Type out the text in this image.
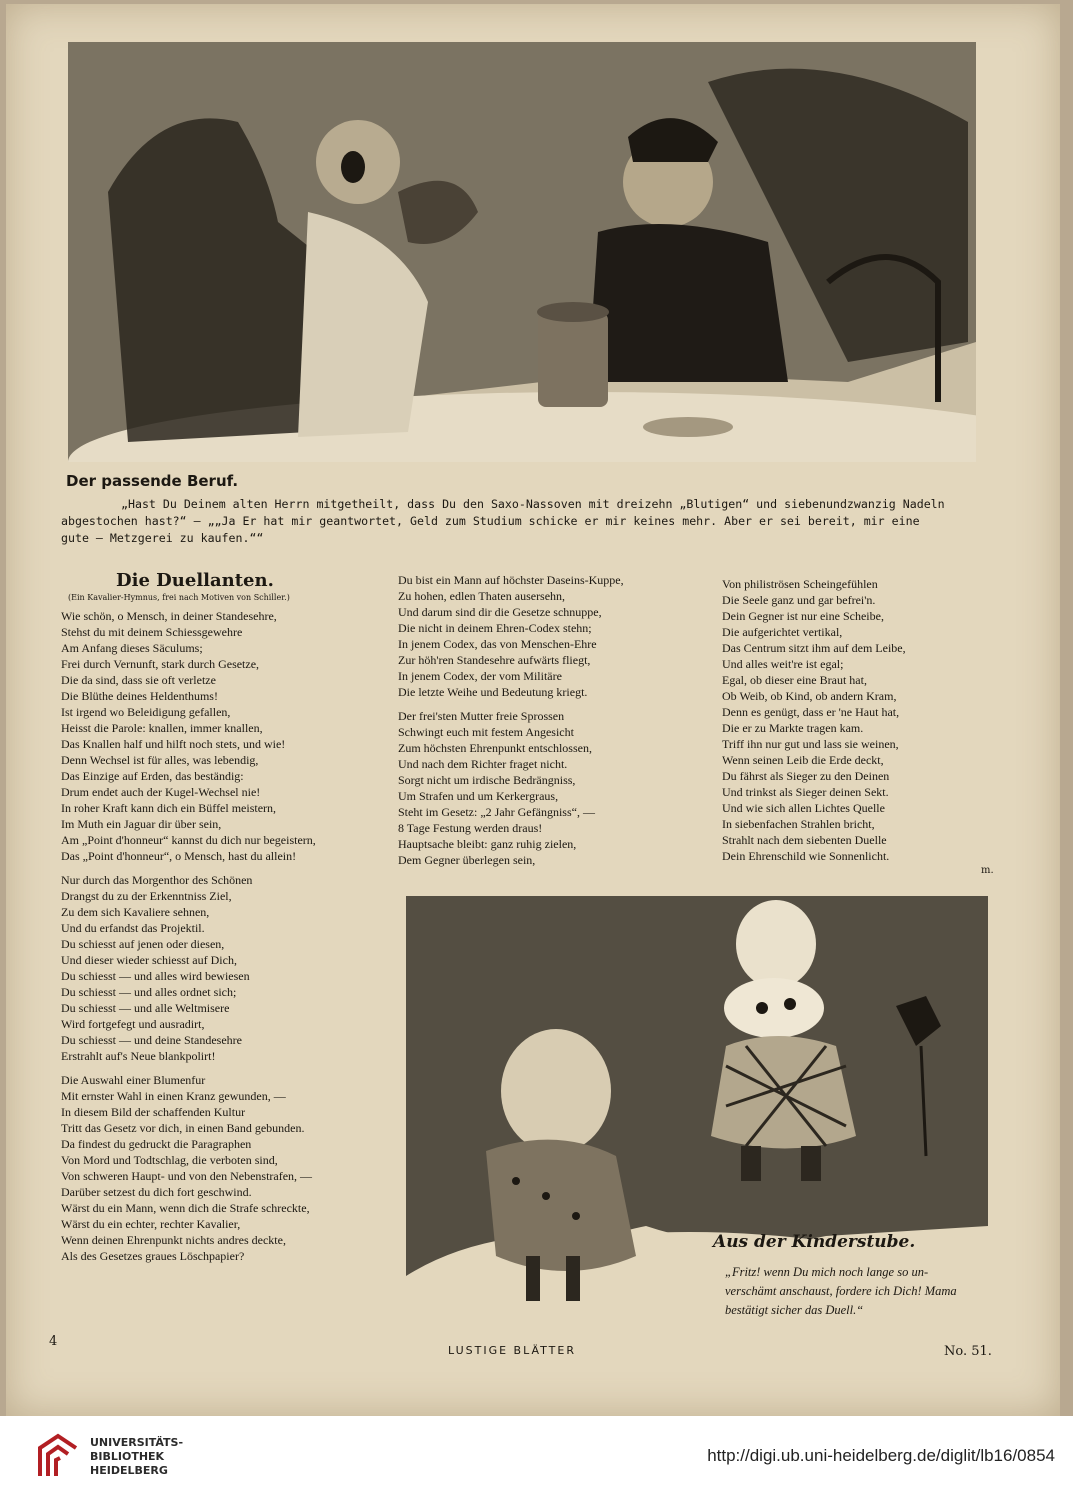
Der passende Beruf.
„Hast Du Deinem alten Herrn mitgetheilt, dass Du den Saxo-Nassoven mit dreizehn „Blutigen“ und siebenundzwanzig Nadeln
abgestochen hast?“ — „„Ja Er hat mir geantwortet, Geld zum Studium schicke er mir keines mehr. Aber er sei bereit, mir eine
gute — Metzgerei zu kaufen.““
Die Duellanten.
(Ein Kavalier-Hymnus, frei nach Motiven von Schiller.)
Wie schön, o Mensch, in deiner Standesehre,
Stehst du mit deinem Schiessgewehre
Am Anfang dieses Säculums;
Frei durch Vernunft, stark durch Gesetze,
Die da sind, dass sie oft verletze
Die Blüthe deines Heldenthums!
Ist irgend wo Beleidigung gefallen,
Heisst die Parole: knallen, immer knallen,
Das Knallen half und hilft noch stets, und wie!
Denn Wechsel ist für alles, was lebendig,
Das Einzige auf Erden, das beständig:
Drum endet auch der Kugel-Wechsel nie!
In roher Kraft kann dich ein Büffel meistern,
Im Muth ein Jaguar dir über sein,
Am „Point d'honneur“ kannst du dich nur begeistern,
Das „Point d'honneur“, o Mensch, hast du allein!
Nur durch das Morgenthor des Schönen
Drangst du zu der Erkenntniss Ziel,
Zu dem sich Kavaliere sehnen,
Und du erfandst das Projektil.
Du schiesst auf jenen oder diesen,
Und dieser wieder schiesst auf Dich,
Du schiesst — und alles wird bewiesen
Du schiesst — und alles ordnet sich;
Du schiesst — und alle Weltmisere
Wird fortgefegt und ausradirt,
Du schiesst — und deine Standesehre
Erstrahlt auf's Neue blankpolirt!
Die Auswahl einer Blumenfur
Mit ernster Wahl in einen Kranz gewunden, —
In diesem Bild der schaffenden Kultur
Tritt das Gesetz vor dich, in einen Band gebunden.
Da findest du gedruckt die Paragraphen
Von Mord und Todtschlag, die verboten sind,
Von schweren Haupt- und von den Nebenstrafen, —
Darüber setzest du dich fort geschwind.
Wärst du ein Mann, wenn dich die Strafe schreckte,
Wärst du ein echter, rechter Kavalier,
Wenn deinen Ehrenpunkt nichts andres deckte,
Als des Gesetzes graues Löschpapier?
Du bist ein Mann auf höchster Daseins-Kuppe,
Zu hohen, edlen Thaten ausersehn,
Und darum sind dir die Gesetze schnuppe,
Die nicht in deinem Ehren-Codex stehn;
In jenem Codex, das von Menschen-Ehre
Zur höh'ren Standesehre aufwärts fliegt,
In jenem Codex, der vom Militäre
Die letzte Weihe und Bedeutung kriegt.
Der frei'sten Mutter freie Sprossen
Schwingt euch mit festem Angesicht
Zum höchsten Ehrenpunkt entschlossen,
Und nach dem Richter fraget nicht.
Sorgt nicht um irdische Bedrängniss,
Um Strafen und um Kerkergraus,
Steht im Gesetz: „2 Jahr Gefängniss“, —
8 Tage Festung werden draus!
Hauptsache bleibt: ganz ruhig zielen,
Dem Gegner überlegen sein,
Von philiströsen Scheingefühlen
Die Seele ganz und gar befrei'n.
Dein Gegner ist nur eine Scheibe,
Die aufgerichtet vertikal,
Das Centrum sitzt ihm auf dem Leibe,
Und alles weit're ist egal;
Egal, ob dieser eine Braut hat,
Ob Weib, ob Kind, ob andern Kram,
Denn es genügt, dass er 'ne Haut hat,
Die er zu Markte tragen kam.
Triff ihn nur gut und lass sie weinen,
Wenn seinen Leib die Erde deckt,
Du fährst als Sieger zu den Deinen
Und trinkst als Sieger deinen Sekt.
Und wie sich allen Lichtes Quelle
In siebenfachen Strahlen bricht,
Strahlt nach dem siebenten Duelle
Dein Ehrenschild wie Sonnenlicht.
m.
Aus der Kinderstube.
„Fritz! wenn Du mich noch lange so un-
verschämt anschaust, fordere ich Dich! Mama
bestätigt sicher das Duell.“
4
LUSTIGE BLÄTTER	No. 51.
UNIVERSITÄTS-
BIBLIOTHEK
HEIDELBERG
http://digi.ub.uni-heidelberg.de/diglit/lb16/0854
